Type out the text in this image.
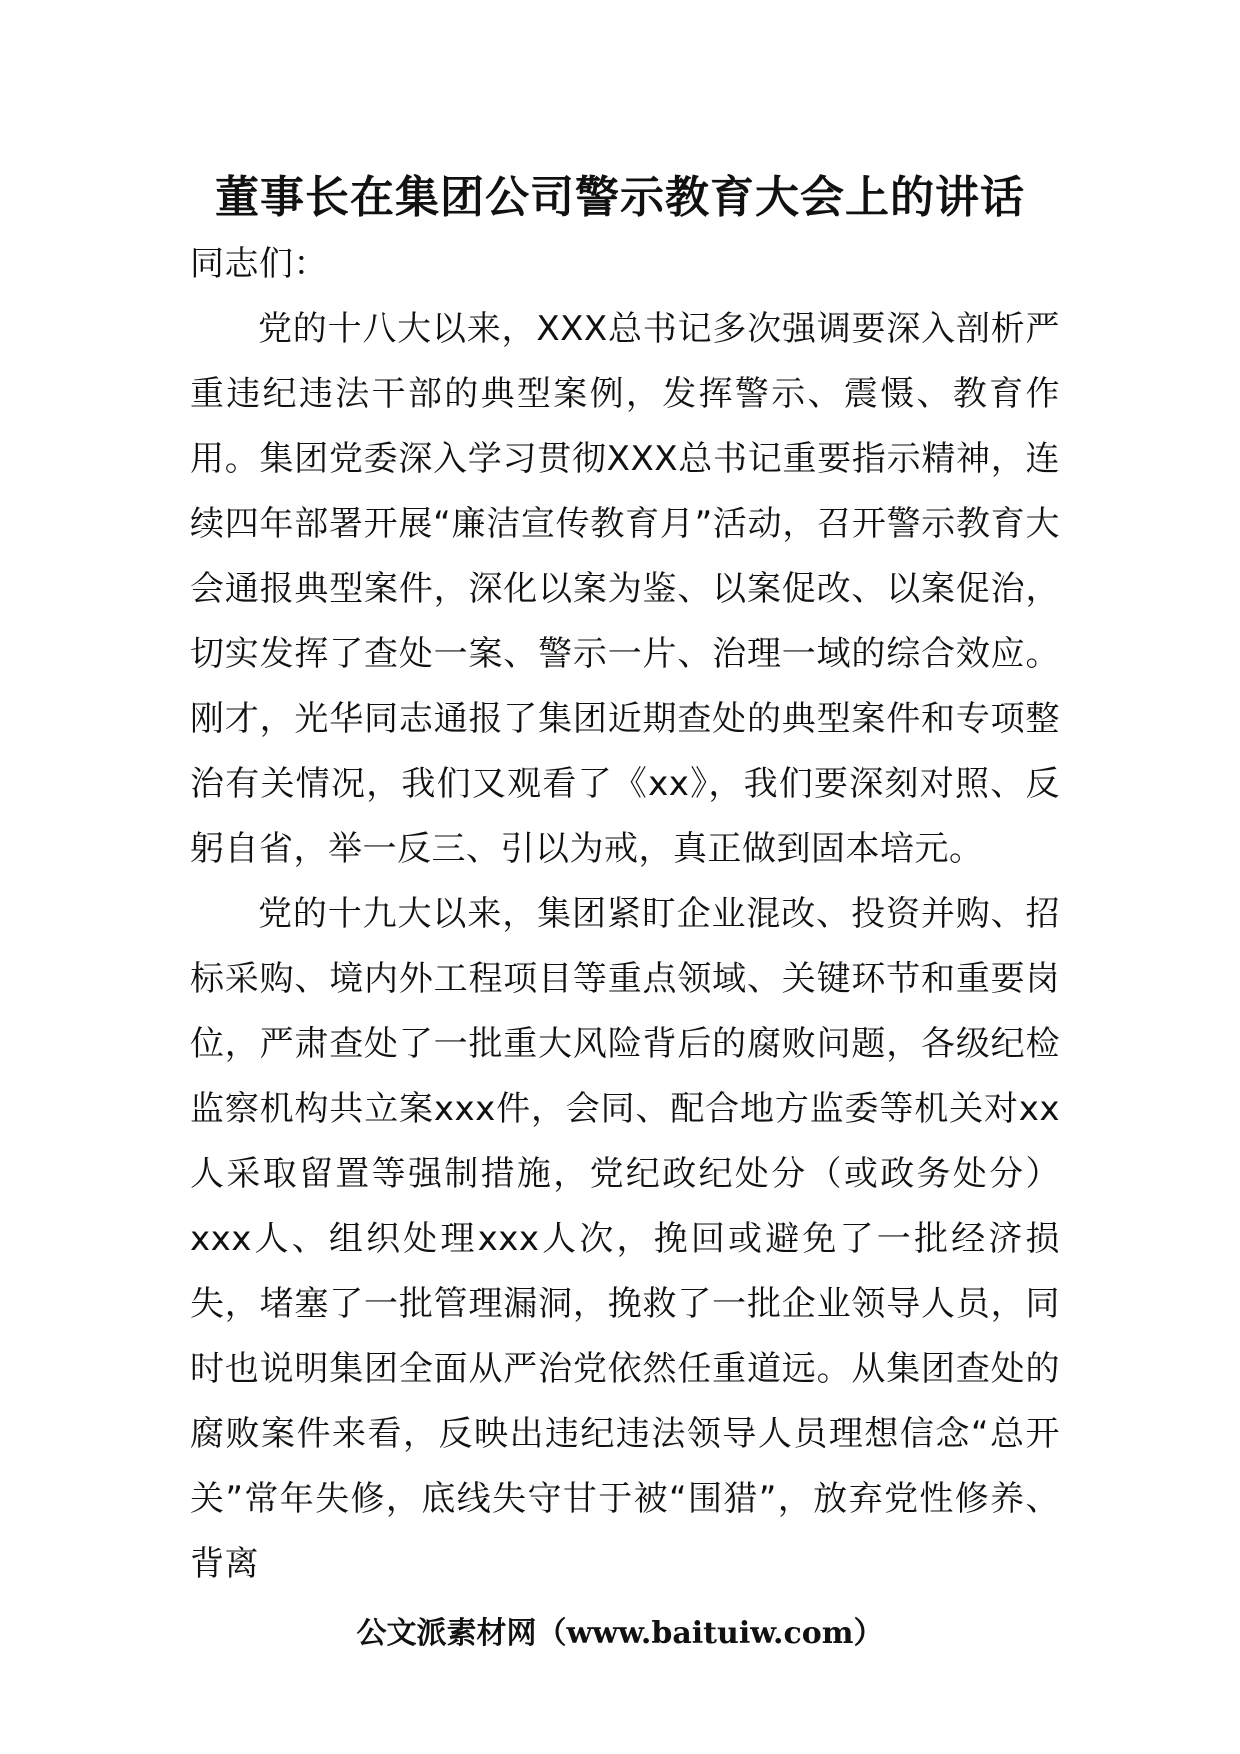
董事长在集团公司警示教育大会上的讲话

同志们：

党的十八大以来，XXX总书记多次强调要深入剖析严重违纪违法干部的典型案例，发挥警示、震慑、教育作用。集团党委深入学习贯彻XXX总书记重要指示精神，连续四年部署开展“廉洁宣传教育月”活动，召开警示教育大会通报典型案件，深化以案为鉴、以案促改、以案促治，切实发挥了查处一案、警示一片、治理一域的综合效应。刚才，光华同志通报了集团近期查处的典型案件和专项整治有关情况，我们又观看了《xx》，我们要深刻对照、反躬自省，举一反三、引以为戒，真正做到固本培元。

党的十九大以来，集团紧盯企业混改、投资并购、招标采购、境内外工程项目等重点领域、关键环节和重要岗位，严肃查处了一批重大风险背后的腐败问题，各级纪检监察机构共立案xxx件，会同、配合地方监委等机关对xx人采取留置等强制措施，党纪政纪处分（或政务处分）xxx人、组织处理xxx人次，挽回或避免了一批经济损失，堵塞了一批管理漏洞，挽救了一批企业领导人员，同时也说明集团全面从严治党依然任重道远。从集团查处的腐败案件来看，反映出违纪违法领导人员理想信念“总开关”常年失修，底线失守甘于被“围猎”，放弃党性修养、背离

公文派素材网（www.baituiw.com）
